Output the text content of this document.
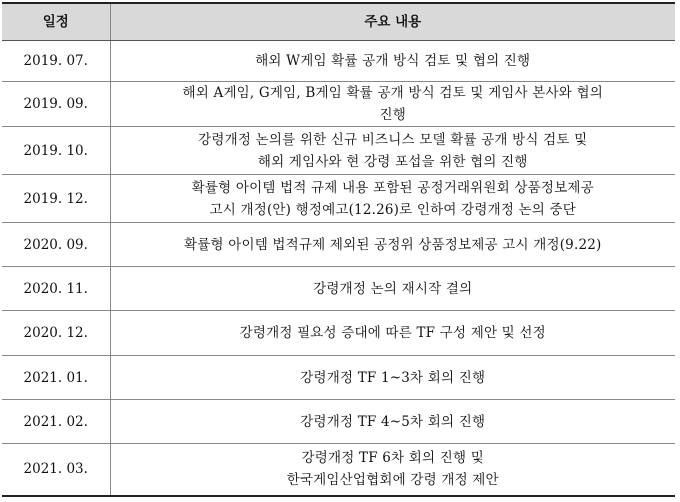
일정	주요 내용
2019. 07.	해외 W게임 확률 공개 방식 검토 및 협의 진행
2019. 09.	해외 A게임, G게임, B게임 확률 공개 방식 검토 및 게임사 본사와 협의
진행
2019. 10.	강령개정 논의를 위한 신규 비즈니스 모델 확률 공개 방식 검토 및
해외 게임사와 현 강령 포섭을 위한 협의 진행
2019. 12.	확률형 아이템 법적 규제 내용 포함된 공정거래위원회 상품정보제공
고시 개정(안) 행정예고(12.26)로 인하여 강령개정 논의 중단
2020. 09.	확률형 아이템 법적규제 제외된 공정위 상품정보제공 고시 개정(9.22)
2020. 11.	강령개정 논의 재시작 결의
2020. 12.	강령개정 필요성 증대에 따른 TF 구성 제안 및 선정
2021. 01.	강령개정 TF 1~3차 회의 진행
2021. 02.	강령개정 TF 4~5차 회의 진행
2021. 03.	강령개정 TF 6차 회의 진행 및
한국게임산업협회에 강령 개정 제안
